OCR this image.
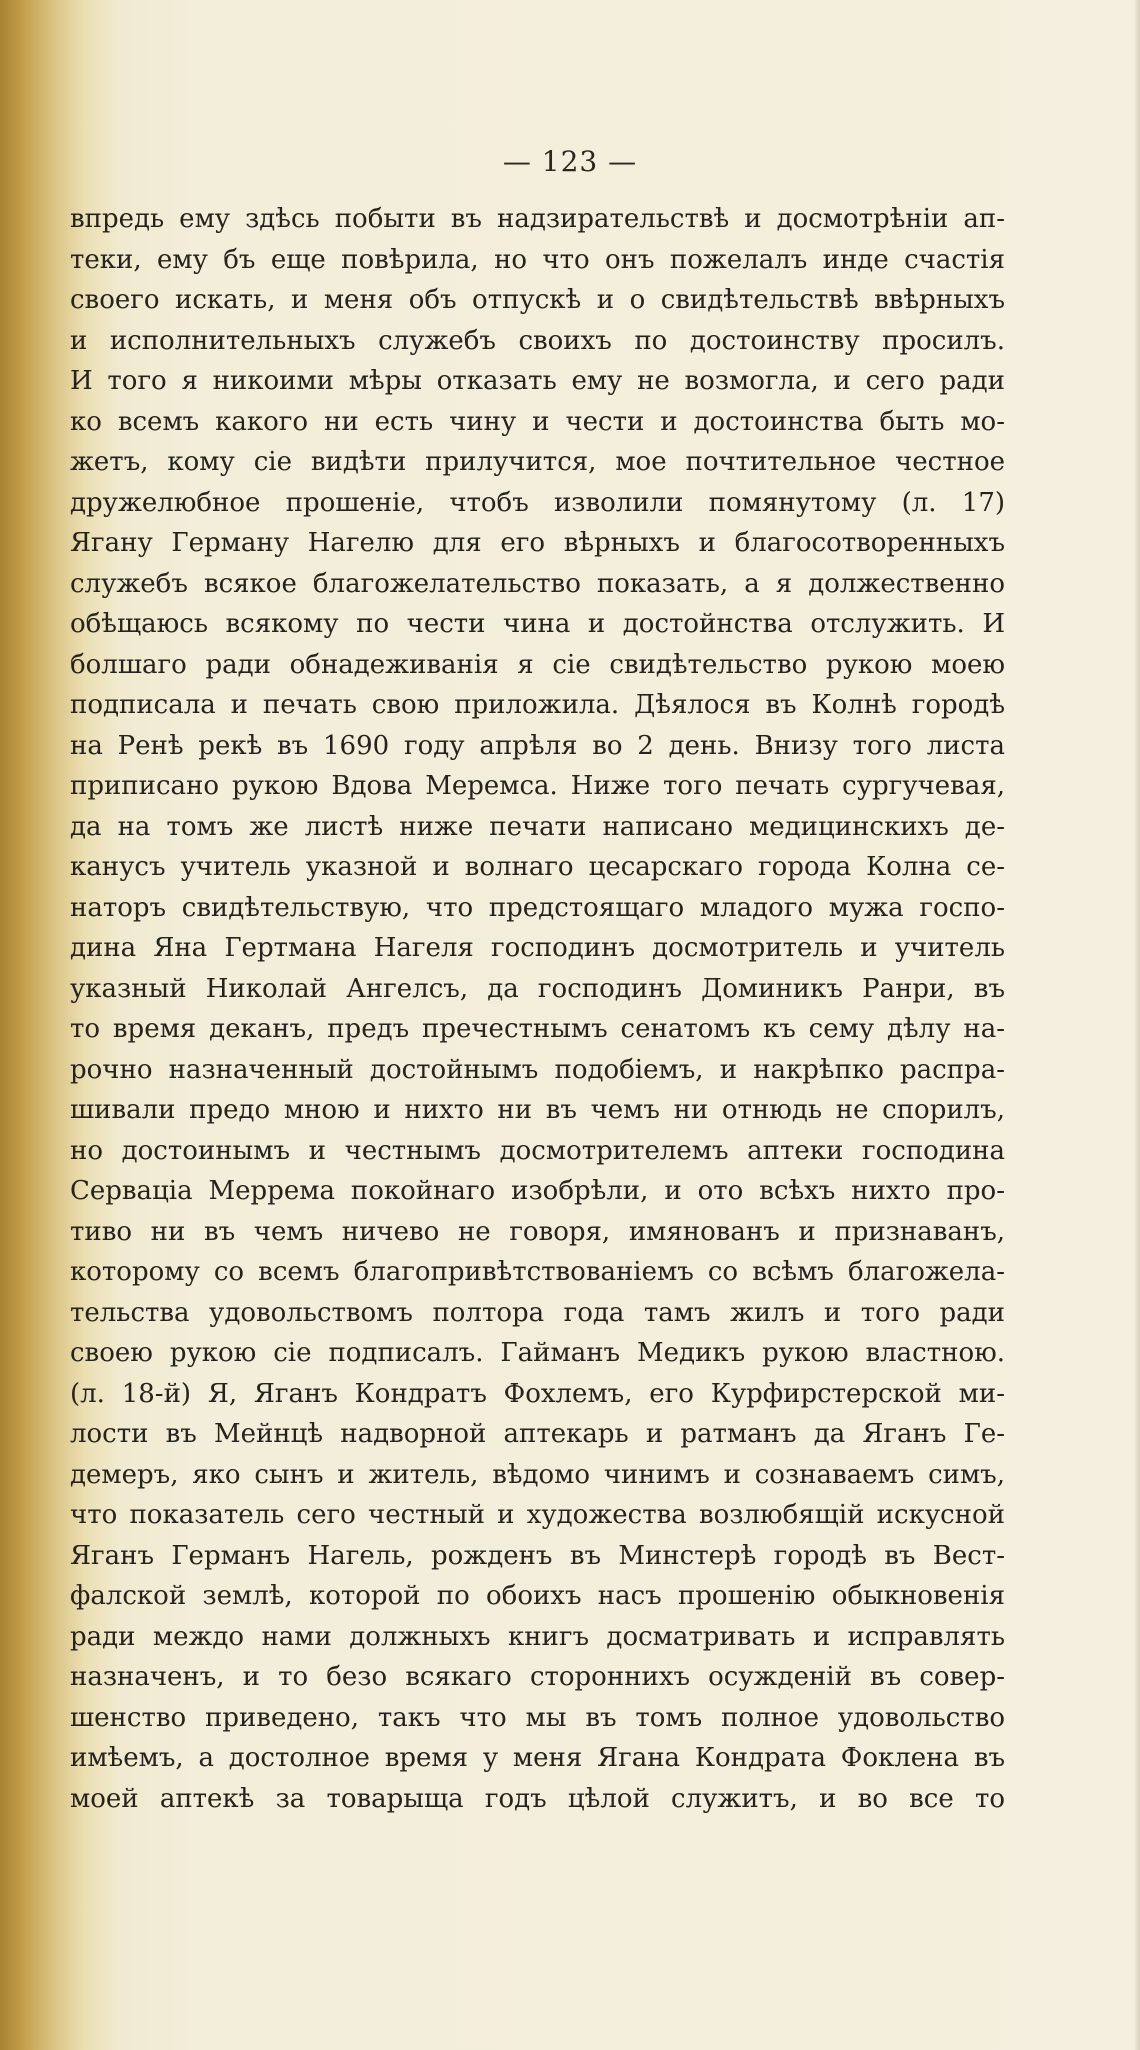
— 123 —
впредь ему здѣсь побыти въ надзирательствѣ и досмотрѣніи ап-
теки, ему бъ еще повѣрила, но что онъ пожелалъ инде счастія
своего искать, и меня объ отпускѣ и о свидѣтельствѣ ввѣрныхъ
и исполнительныхъ служебъ своихъ по достоинству просилъ.
И того я никоими мѣры отказать ему не возмогла, и сего ради
ко всемъ какого ни есть чину и чести и достоинства быть мо-
жетъ, кому сіе видѣти прилучится, мое почтительное честное
дружелюбное прошеніе, чтобъ изволили помянутому (л. 17)
Ягану Герману Нагелю для его вѣрныхъ и благосотворенныхъ
служебъ всякое благожелательство показать, а я должественно
обѣщаюсь всякому по чести чина и достойнства отслужить. И
болшаго ради обнадеживанія я сіе свидѣтельство рукою моею
подписала и печать свою приложила. Дѣялося въ Колнѣ городѣ
на Ренѣ рекѣ въ 1690 году апрѣля во 2 день. Внизу того листа
приписано рукою Вдова Меремса. Ниже того печать сургучевая,
да на томъ же листѣ ниже печати написано медицинскихъ де-
канусъ учитель указной и волнаго цесарскаго города Колна се-
наторъ свидѣтельствую, что предстоящаго младого мужа госпо-
дина Яна Гертмана Нагеля господинъ досмотритель и учитель
указный Николай Ангелсъ, да господинъ Доминикъ Ранри, въ
то время деканъ, предъ пречестнымъ сенатомъ къ сему дѣлу на-
рочно назначенный достойнымъ подобіемъ, и накрѣпко распра-
шивали предо мною и нихто ни въ чемъ ни отнюдь не спорилъ,
но достоинымъ и честнымъ досмотрителемъ аптеки господина
Серваціа Меррема покойнаго изобрѣли, и ото всѣхъ нихто про-
тиво ни въ чемъ ничево не говоря, имянованъ и признаванъ,
которому со всемъ благопривѣтствованіемъ со всѣмъ благожела-
тельства удовольствомъ полтора года тамъ жилъ и того ради
своею рукою сіе подписалъ. Гайманъ Медикъ рукою властною.
(л. 18-й) Я, Яганъ Кондратъ Фохлемъ, его Курфирстерской ми-
лости въ Мейнцѣ надворной аптекарь и ратманъ да Яганъ Ге-
демеръ, яко сынъ и житель, вѣдомо чинимъ и сознаваемъ симъ,
что показатель сего честный и художества возлюбящій искусной
Яганъ Германъ Нагель, рожденъ въ Минстерѣ городѣ въ Вест-
фалской землѣ, которой по обоихъ насъ прошенію обыкновенія
ради междо нами должныхъ книгъ досматривать и исправлять
назначенъ, и то безо всякаго стороннихъ осужденій въ совер-
шенство приведено, такъ что мы въ томъ полное удовольство
имѣемъ, а достолное время у меня Ягана Кондрата Фоклена въ
моей аптекѣ за товарыща годъ цѣлой служитъ, и во все то
